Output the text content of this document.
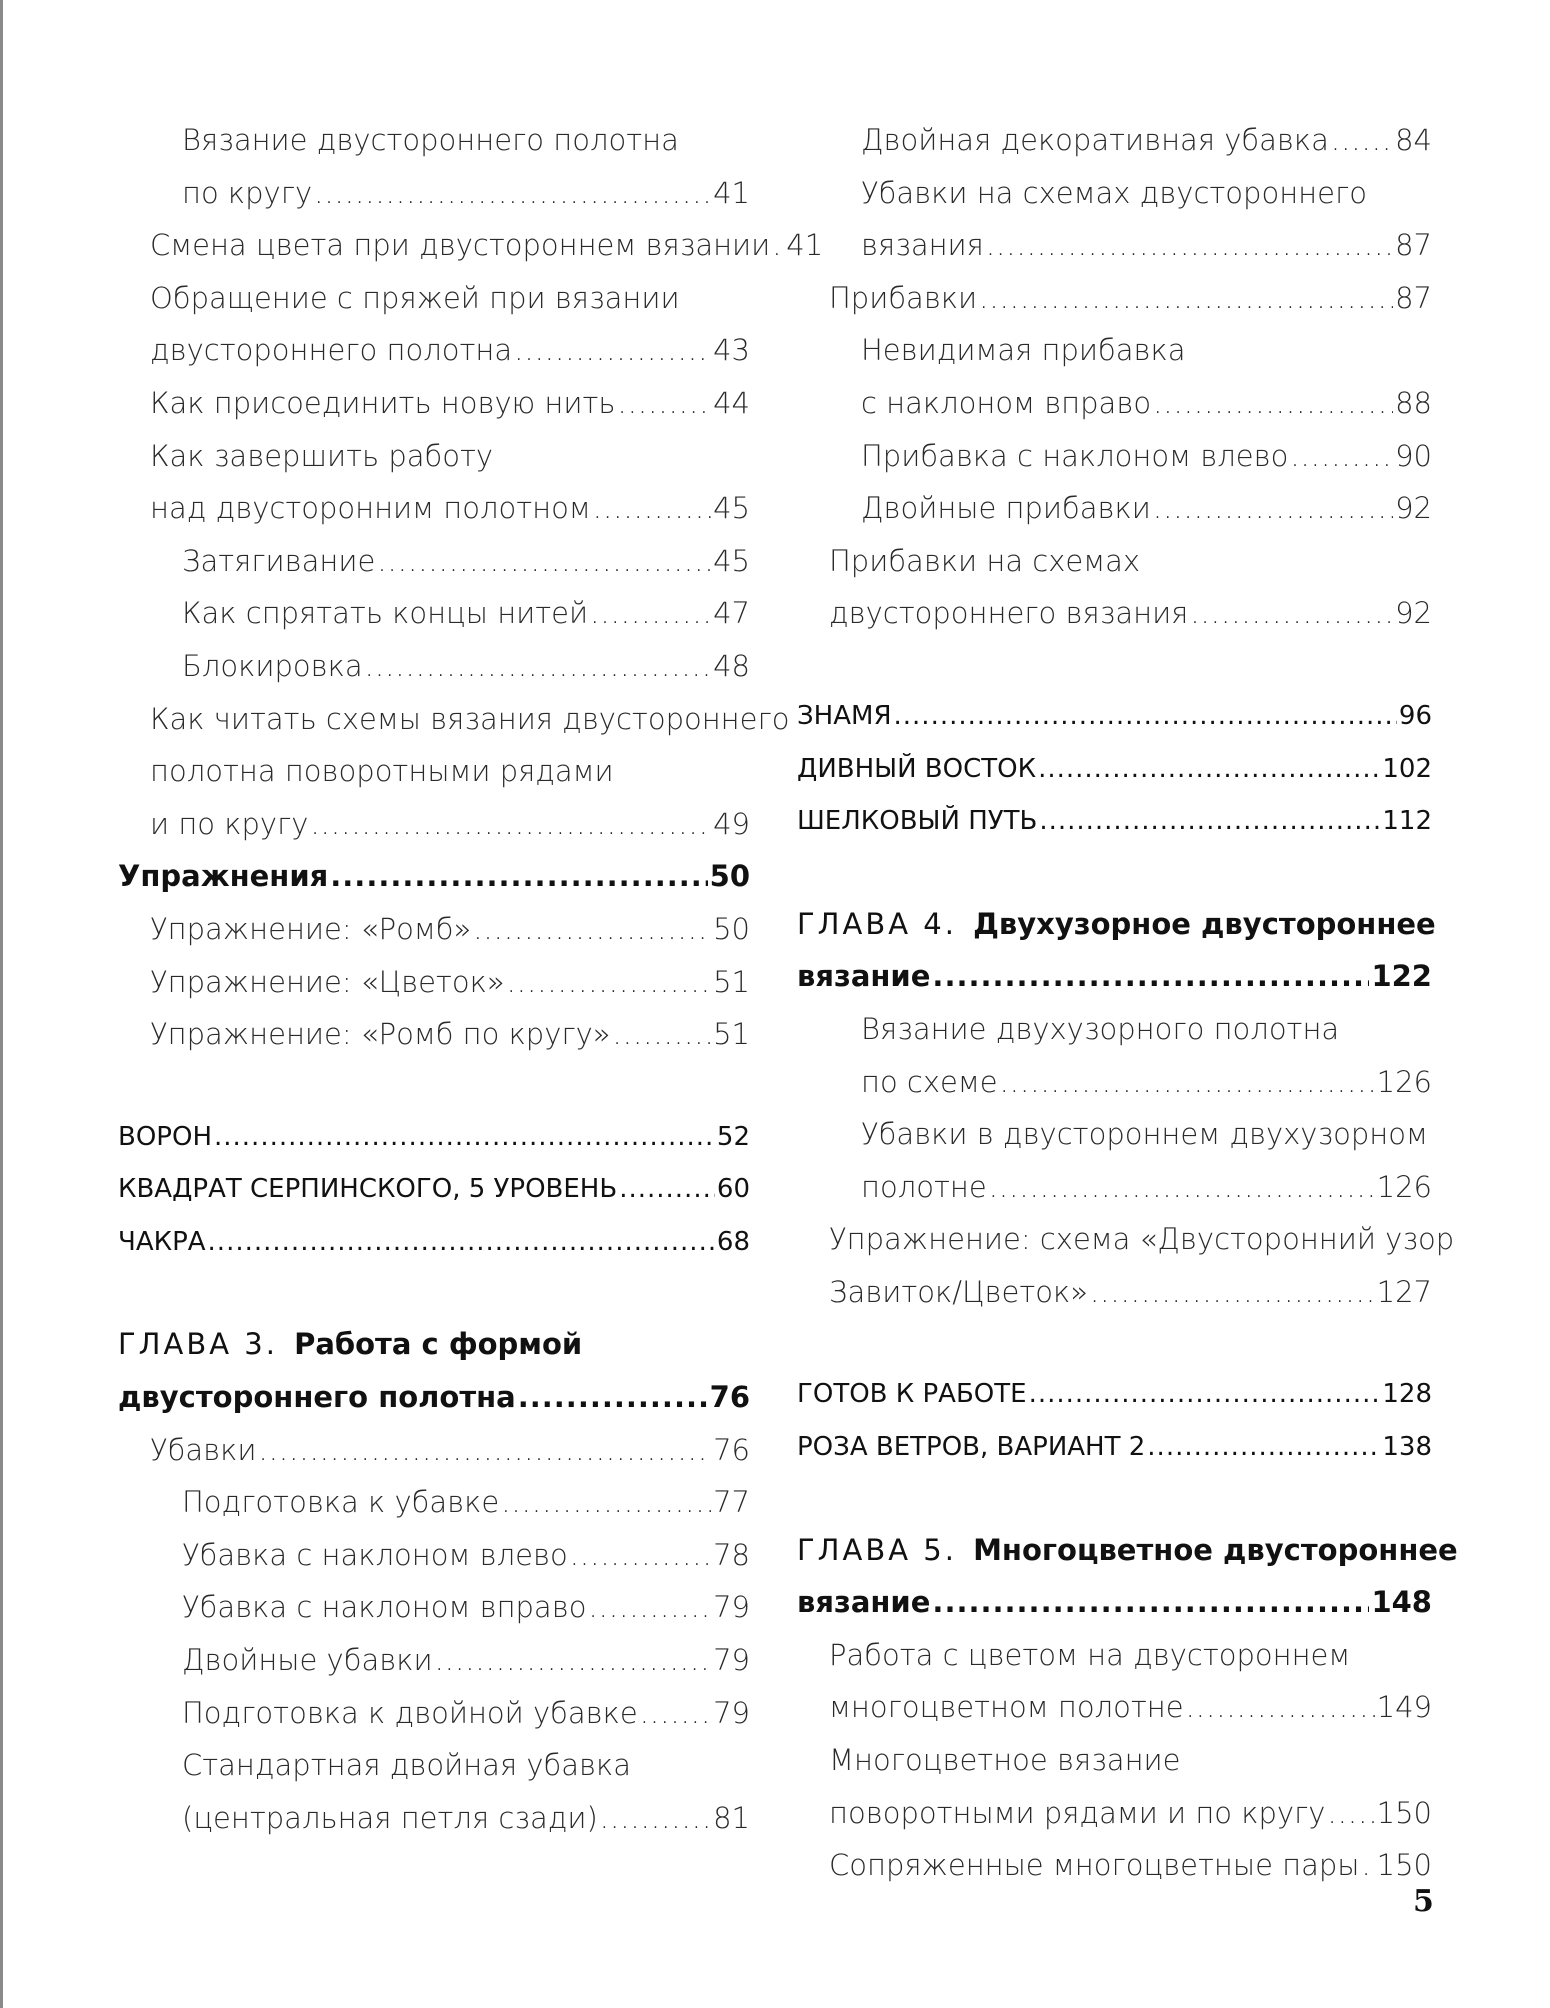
Вязание двустороннего полотна
по кругу .....	41
Смена цвета при двустороннем вязании ..... 41
Обращение с пряжей при вязании
двустороннего полотна .....	43
Как присоединить новую нить .....	44
Как завершить работу
над двусторонним полотном .....	45
Затягивание .....	45
Как спрятать концы нитей .....	47
Блокировка .....	48
Как читать схемы вязания двустороннего
полотна поворотными рядами
и по кругу .....	49
Упражнения .....	50
Упражнение: «Ромб» .....	50
Упражнение: «Цветок» .....	51
Упражнение: «Ромб по кругу» .....	51
ВОРОН .....	52
КВАДРАТ СЕРПИНСКОГО, 5 УРОВЕНЬ .....	60
ЧАКРА .....	68
ГЛАВА 3. Работа с формой
двустороннего полотна .....	76
Убавки .....	76
Подготовка к убавке .....	77
Убавка с наклоном влево .....	78
Убавка с наклоном вправо .....	79
Двойные убавки .....	79
Подготовка к двойной убавке .....	79
Стандартная двойная убавка
(центральная петля сзади) .....	81
Двойная декоративная убавка ..... 84
Убавки на схемах двустороннего
вязания .....	87
Прибавки .....	87
Невидимая прибавка
с наклоном вправо .....	88
Прибавка с наклоном влево .....	90
Двойные прибавки .....	92
Прибавки на схемах
двустороннего вязания .....	92
ЗНАМЯ .....	96
ДИВНЫЙ ВОСТОК .....	102
ШЕЛКОВЫЙ ПУТЬ .....	112
ГЛАВА 4. Двухузорное двустороннее
вязание .....	122
Вязание двухузорного полотна
по схеме .....	126
Убавки в двустороннем двухузорном
полотне .....	126
Упражнение: схема «Двусторонний узор
Завиток/Цветок» .....	127
ГОТОВ К РАБОТЕ .....	128
РОЗА ВЕТРОВ, ВАРИАНТ 2 .....	138
ГЛАВА 5. Многоцветное двустороннее
вязание .....	148
Работа с цветом на двустороннем
многоцветном полотне .....	149
Многоцветное вязание
поворотными рядами и по кругу ..... 150
Сопряженные многоцветные пары ..... 150
5
